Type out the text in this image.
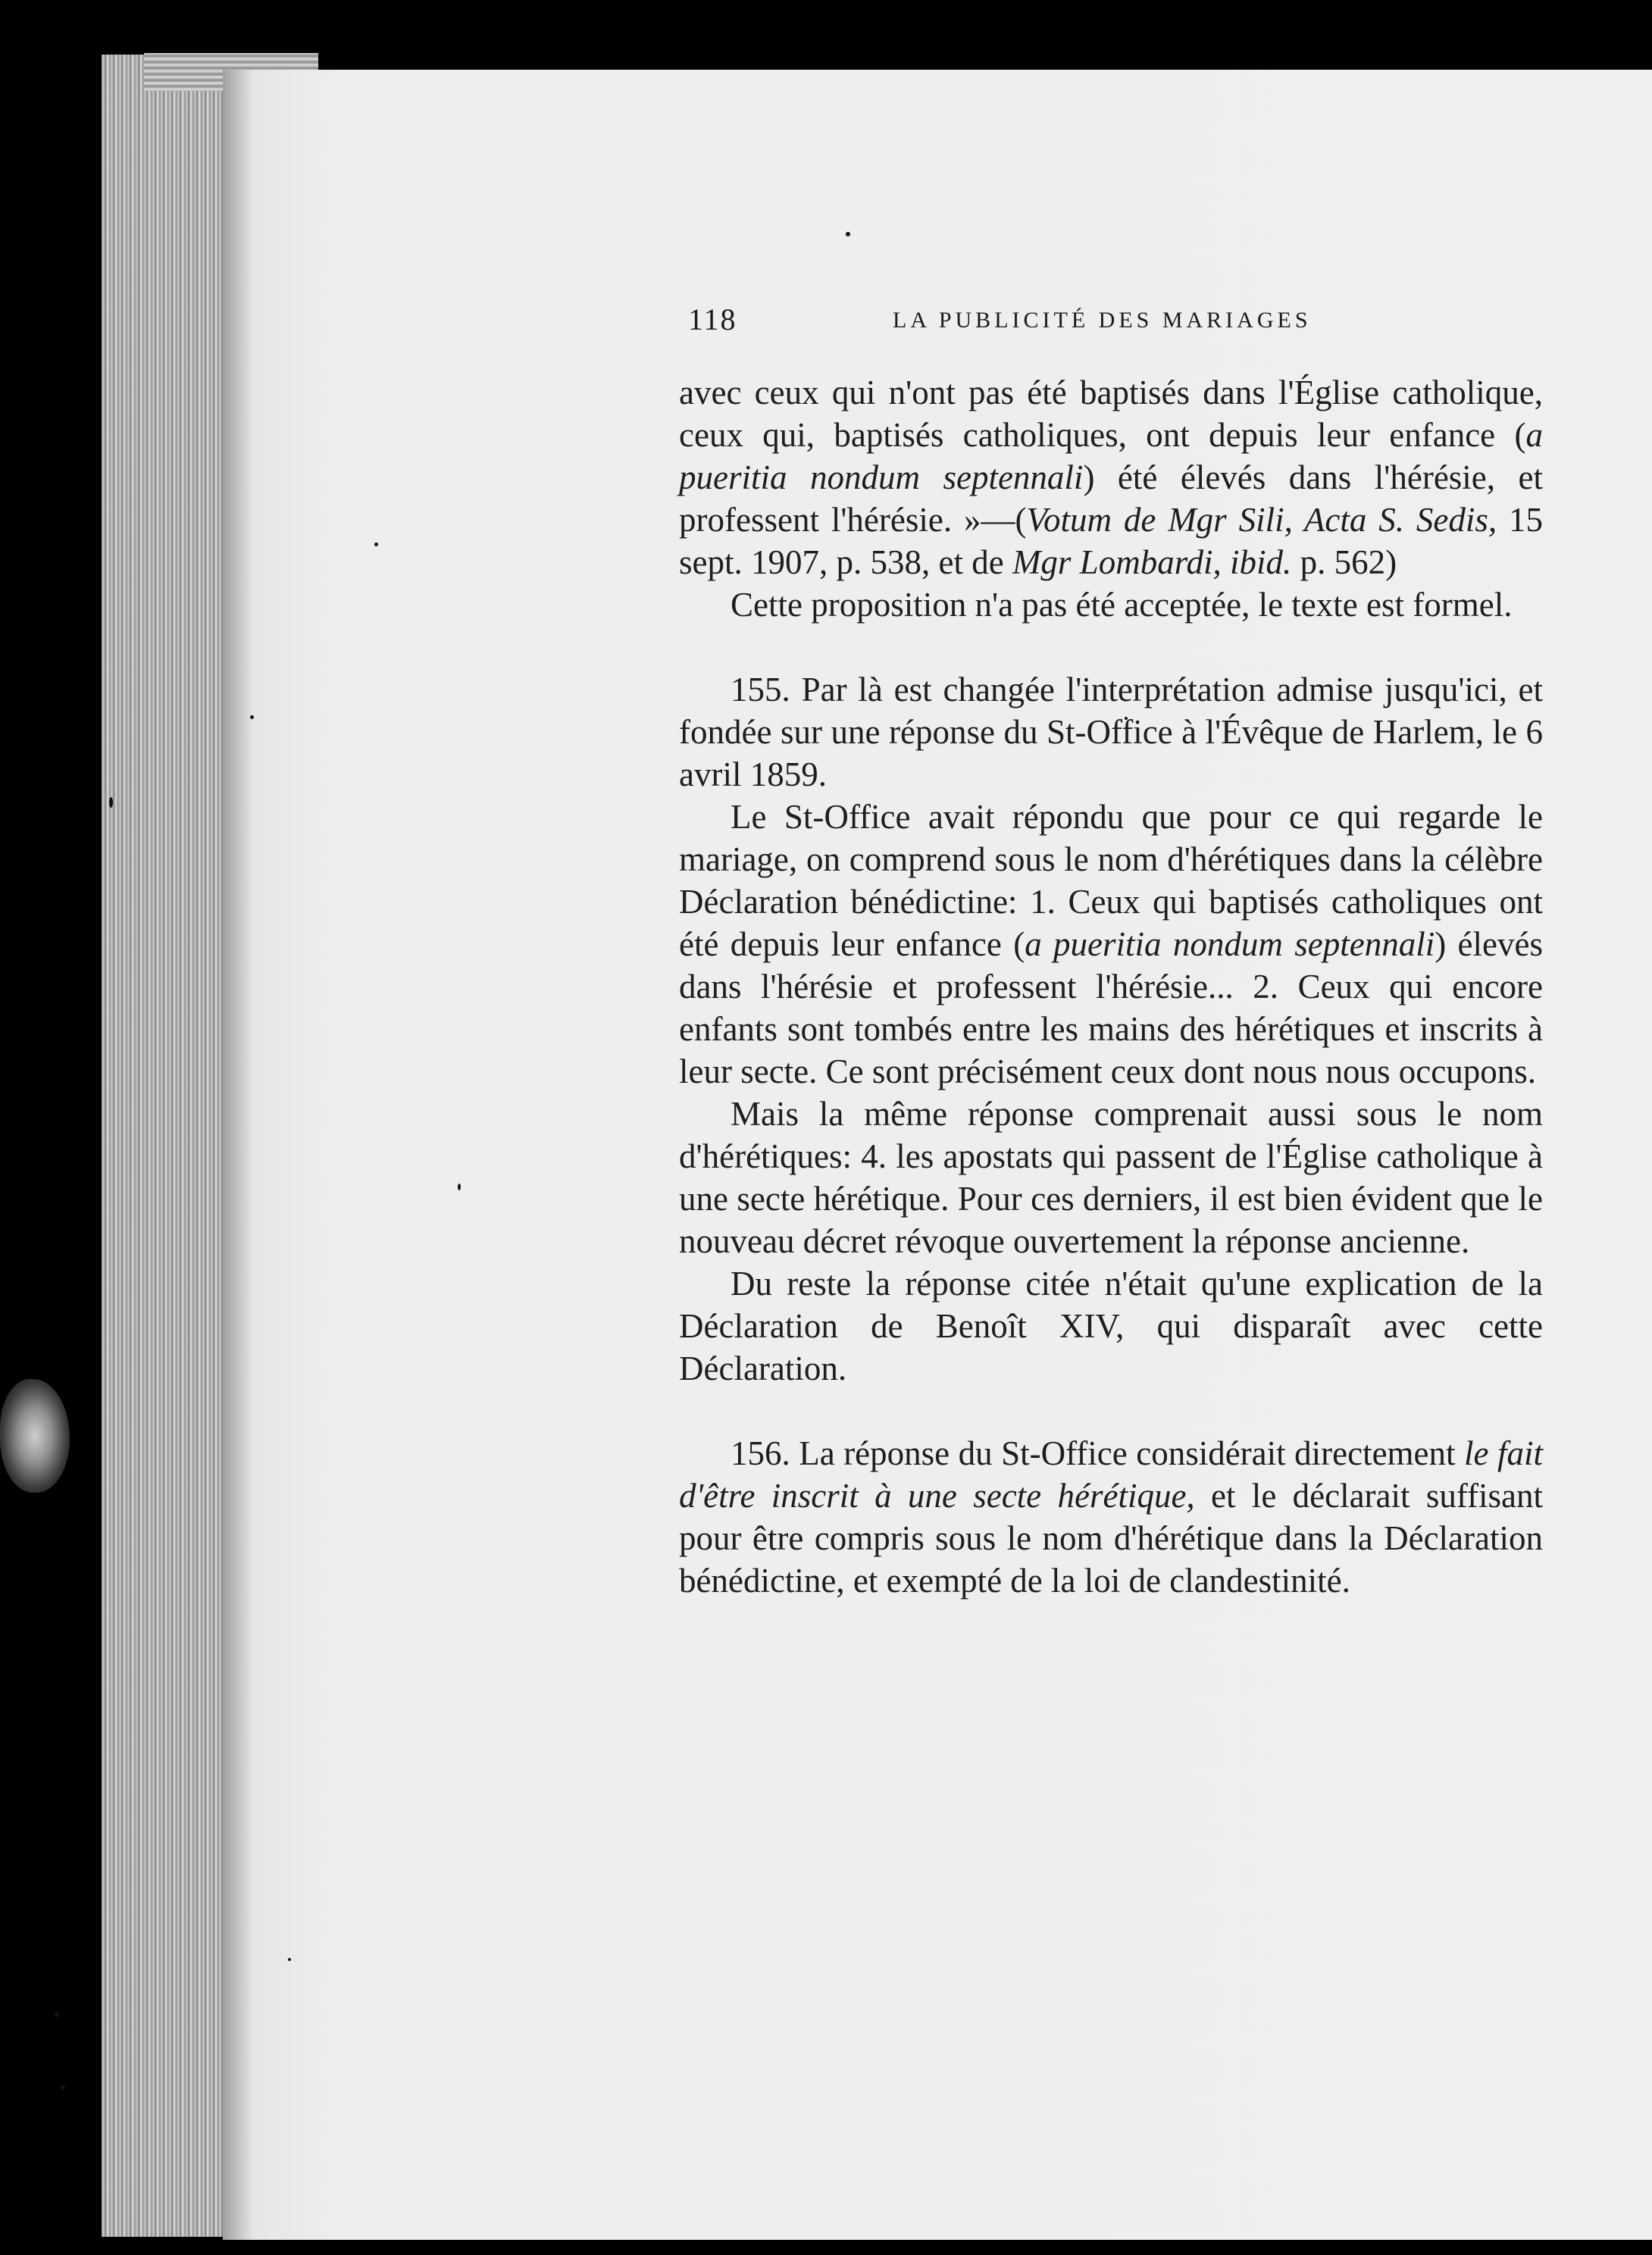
118	LA PUBLICITÉ DES MARIAGES

avec ceux qui n'ont pas été baptisés dans l'Église catholique, ceux qui, baptisés catholiques, ont depuis leur enfance (a pueritia nondum septennali) été élevés dans l'hérésie, et professent l'hérésie. »—(Votum de Mgr Sili, Acta S. Sedis, 15 sept. 1907, p. 538, et de Mgr Lombardi, ibid. p. 562)

Cette proposition n'a pas été acceptée, le texte est formel.

155. Par là est changée l'interprétation admise jusqu'ici, et fondée sur une réponse du St-Office à l'Évêque de Harlem, le 6 avril 1859.

Le St-Office avait répondu que pour ce qui regarde le mariage, on comprend sous le nom d'hérétiques dans la célèbre Déclaration bénédictine: 1. Ceux qui baptisés catholiques ont été depuis leur enfance (a pueritia nondum septennali) élevés dans l'hérésie et professent l'hérésie... 2. Ceux qui encore enfants sont tombés entre les mains des hérétiques et inscrits à leur secte. Ce sont précisément ceux dont nous nous occupons.

Mais la même réponse comprenait aussi sous le nom d'hérétiques: 4. les apostats qui passent de l'Église catholique à une secte hérétique. Pour ces derniers, il est bien évident que le nouveau décret révoque ouvertement la réponse ancienne.

Du reste la réponse citée n'était qu'une explication de la Déclaration de Benoît XIV, qui disparaît avec cette Déclaration.

156. La réponse du St-Office considérait directement le fait d'être inscrit à une secte hérétique, et le déclarait suffisant pour être compris sous le nom d'hérétique dans la Déclaration bénédictine, et exempté de la loi de clandestinité.
